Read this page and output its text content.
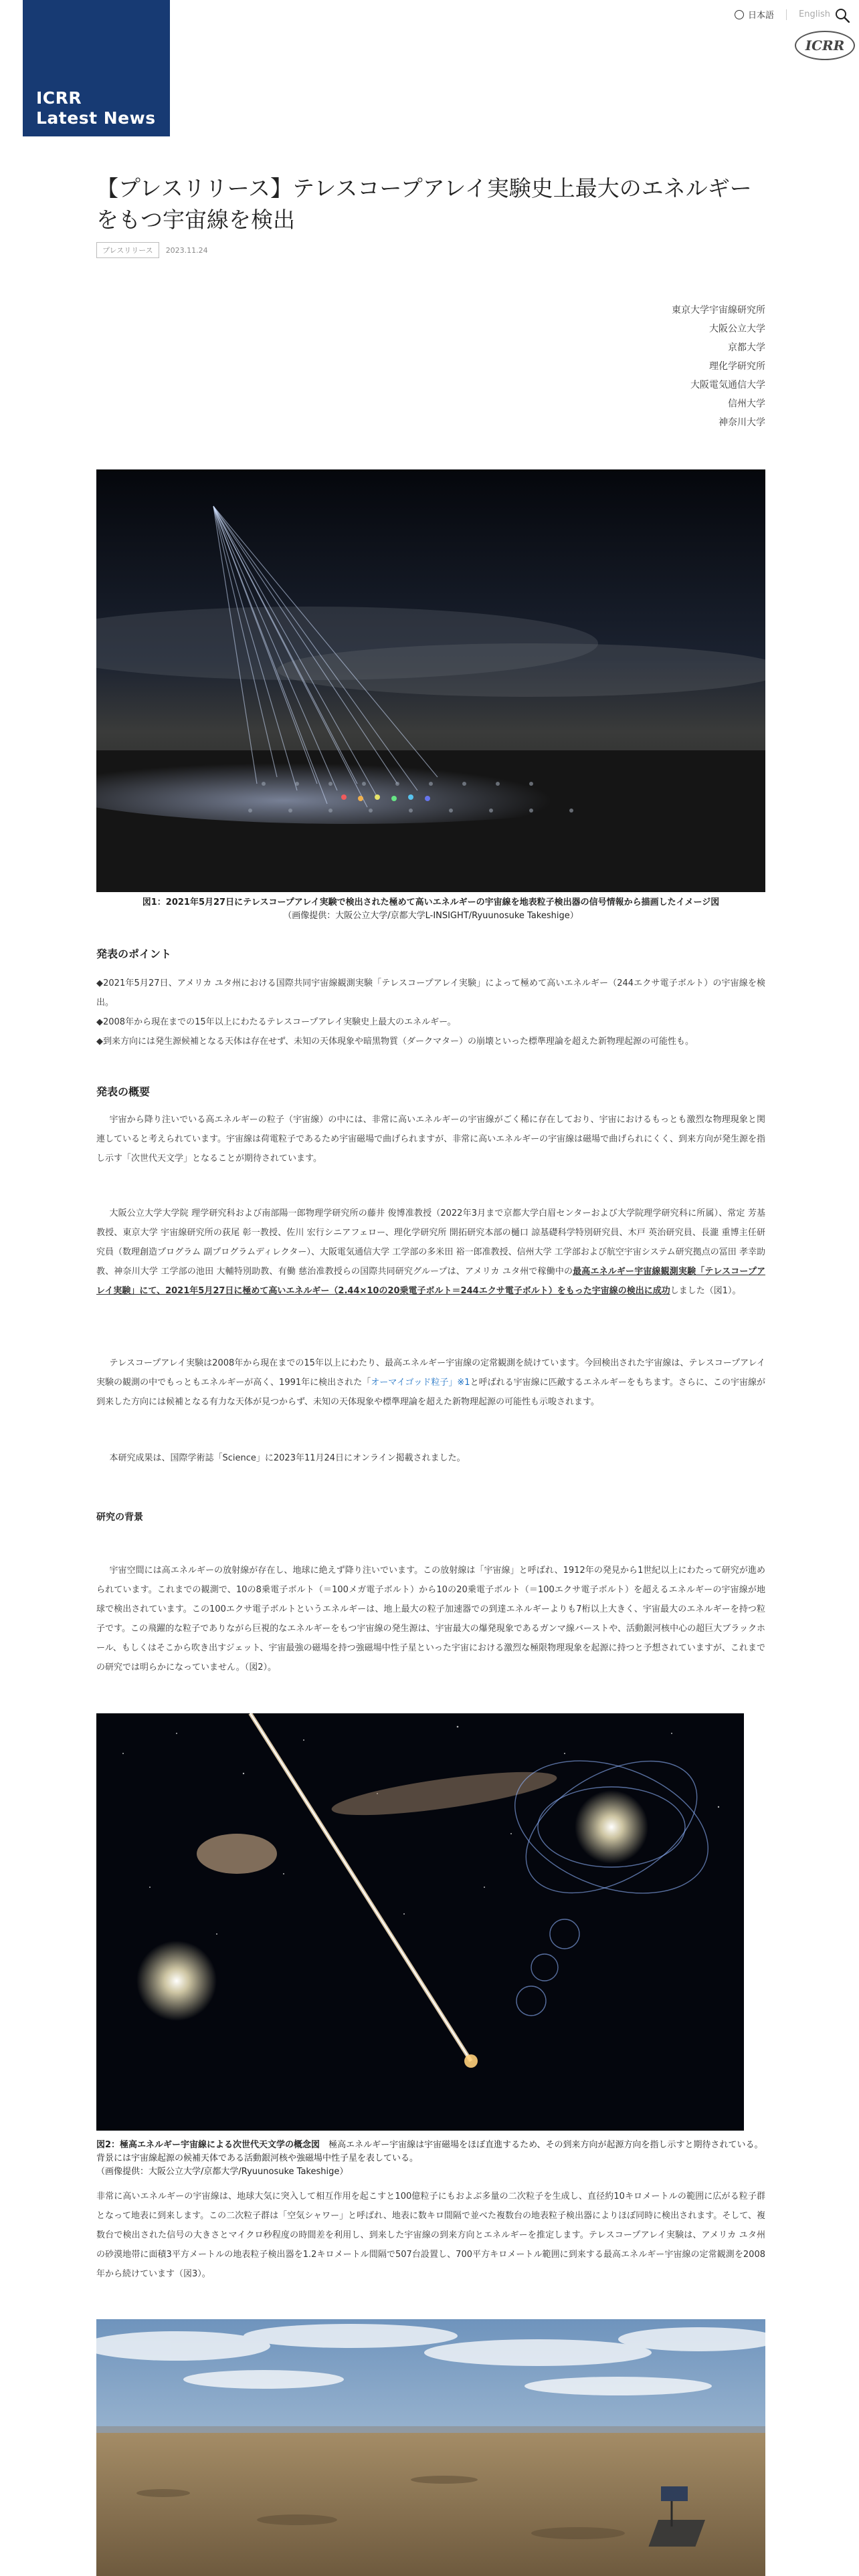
ICRR
Latest News
日本語	English
ICRR
【プレスリリース】テレスコープアレイ実験史上最大のエネルギーをもつ宇宙線を検出
プレスリリース	2023.11.24
東京大学宇宙線研究所
大阪公立大学
京都大学
理化学研究所
大阪電気通信大学
信州大学
神奈川大学
図1：2021年5月27日にテレスコープアレイ実験で検出された極めて高いエネルギーの宇宙線を地表粒子検出器の信号情報から描画したイメージ図
（画像提供：大阪公立大学/京都大学L-INSIGHT/Ryuunosuke Takeshige）
発表のポイント

◆2021年5月27日、アメリカ ユタ州における国際共同宇宙線観測実験「テレスコープアレイ実験」によって極めて高いエネルギー（244エクサ電子ボルト）の宇宙線を検出。

◆2008年から現在までの15年以上にわたるテレスコープアレイ実験史上最大のエネルギー。

◆到来方向には発生源候補となる天体は存在せず、未知の天体現象や暗黒物質（ダークマター）の崩壊といった標準理論を超えた新物理起源の可能性も。

発表の概要

宇宙から降り注いでいる高エネルギーの粒子（宇宙線）の中には、非常に高いエネルギーの宇宙線がごく稀に存在しており、宇宙におけるもっとも激烈な物理現象と関連していると考えられています。宇宙線は荷電粒子であるため宇宙磁場で曲げられますが、非常に高いエネルギーの宇宙線は磁場で曲げられにくく、到来方向が発生源を指し示す「次世代天文学」となることが期待されています。

大阪公立大学大学院 理学研究科および南部陽一郎物理学研究所の藤井 俊博准教授（2022年3月まで京都大学白眉センターおよび大学院理学研究科に所属）、常定 芳基教授、東京大学 宇宙線研究所の荻尾 彰一教授、佐川 宏行シニアフェロー、理化学研究所 開拓研究本部の樋口 諒基礎科学特別研究員、木戸 英治研究員、長瀧 重博主任研究員（数理創造プログラム 副プログラムディレクター）、大阪電気通信大学 工学部の多米田 裕一郎准教授、信州大学 工学部および航空宇宙システム研究拠点の冨田 孝幸助教、神奈川大学 工学部の池田 大輔特別助教、有働 慈治准教授らの国際共同研究グループは、アメリカ ユタ州で稼働中の最高エネルギー宇宙線観測実験「テレスコープアレイ実験」にて、2021年5月27日に極めて高いエネルギー（2.44×10の20乗電子ボルト＝244エクサ電子ボルト）をもった宇宙線の検出に成功しました（図1）。

テレスコープアレイ実験は2008年から現在までの15年以上にわたり、最高エネルギー宇宙線の定常観測を続けています。今回検出された宇宙線は、テレスコープアレイ実験の観測の中でもっともエネルギーが高く、1991年に検出された「オーマイゴッド粒子」※1と呼ばれる宇宙線に匹敵するエネルギーをもちます。さらに、この宇宙線が到来した方向には候補となる有力な天体が見つからず、未知の天体現象や標準理論を超えた新物理起源の可能性も示唆されます。

本研究成果は、国際学術誌「Science」に2023年11月24日にオンライン掲載されました。

研究の背景

宇宙空間には高エネルギーの放射線が存在し、地球に絶えず降り注いでいます。この放射線は「宇宙線」と呼ばれ、1912年の発見から1世紀以上にわたって研究が進められています。これまでの観測で、10の8乗電子ボルト（＝100メガ電子ボルト）から10の20乗電子ボルト（＝100エクサ電子ボルト）を超えるエネルギーの宇宙線が地球で検出されています。この100エクサ電子ボルトというエネルギーは、地上最大の粒子加速器での到達エネルギーよりも7桁以上大きく、宇宙最大のエネルギーを持つ粒子です。この飛躍的な粒子でありながら巨視的なエネルギーをもつ宇宙線の発生源は、宇宙最大の爆発現象であるガンマ線バーストや、活動銀河核中心の超巨大ブラックホール、もしくはそこから吹き出すジェット、宇宙最強の磁場を持つ強磁場中性子星といった宇宙における激烈な極限物理現象を起源に持つと予想されていますが、これまでの研究では明らかになっていません。（図2）。

図2：極高エネルギー宇宙線による次世代天文学の概念図　 極高エネルギー宇宙線は宇宙磁場をほぼ直進するため、その到来方向が起源方向を指し示すと期待されている。背景には宇宙線起源の候補天体である活動銀河核や強磁場中性子星を表している。
（画像提供：大阪公立大学/京都大学/Ryuunosuke Takeshige）

非常に高いエネルギーの宇宙線は、地球大気に突入して相互作用を起こすと100億粒子にもおよぶ多量の二次粒子を生成し、直径約10キロメートルの範囲に広がる粒子群となって地表に到来します。この二次粒子群は「空気シャワー」と呼ばれ、地表に数キロ間隔で並べた複数台の地表粒子検出器によりほぼ同時に検出されます。そして、複数台で検出された信号の大きさとマイクロ秒程度の時間差を利用し、到来した宇宙線の到来方向とエネルギーを推定します。テレスコープアレイ実験は、アメリカ ユタ州の砂漠地帯に面積3平方メートルの地表粒子検出器を1.2キロメートル間隔で507台設置し、700平方キロメートル範囲に到来する最高エネルギー宇宙線の定常観測を2008年から続けています（図3）。
